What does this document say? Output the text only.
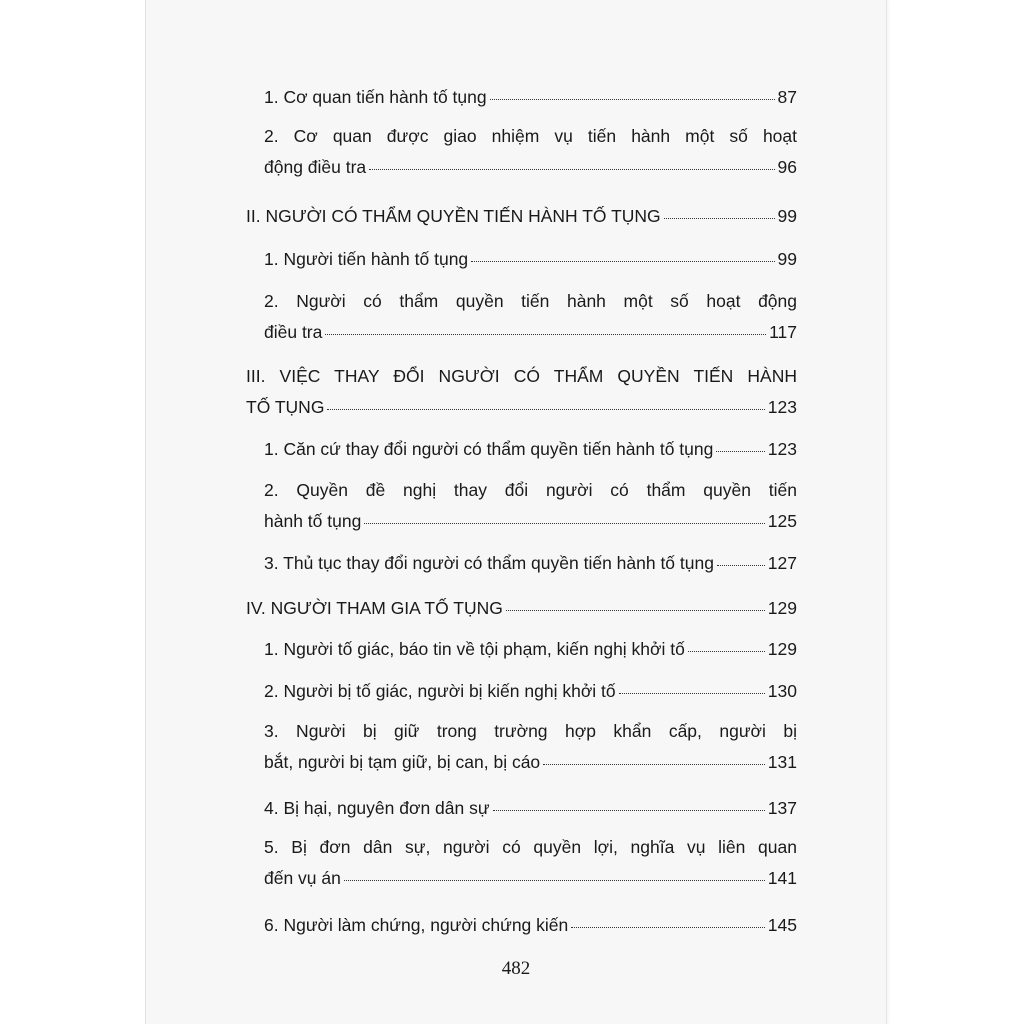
1. Cơ quan tiến hành tố tụng	87
2. Cơ quan được giao nhiệm vụ tiến hành một số hoạt
động điều tra	96
II. NGƯỜI CÓ THẨM QUYỀN TIẾN HÀNH TỐ TỤNG	99
1. Người tiến hành tố tụng	99
2. Người có thẩm quyền tiến hành một số hoạt động
điều tra	117
III. VIỆC THAY ĐỔI NGƯỜI CÓ THẨM QUYỀN TIẾN HÀNH
TỐ TỤNG	123
1. Căn cứ thay đổi người có thẩm quyền tiến hành tố tụng	123
2. Quyền đề nghị thay đổi người có thẩm quyền tiến
hành tố tụng	125
3. Thủ tục thay đổi người có thẩm quyền tiến hành tố tụng	127
IV. NGƯỜI THAM GIA TỐ TỤNG	129
1. Người tố giác, báo tin về tội phạm, kiến nghị khởi tố	129
2. Người bị tố giác, người bị kiến nghị khởi tố	130
3. Người bị giữ trong trường hợp khẩn cấp, người bị
bắt, người bị tạm giữ, bị can, bị cáo	131
4. Bị hại, nguyên đơn dân sự	137
5. Bị đơn dân sự, người có quyền lợi, nghĩa vụ liên quan
đến vụ án	141
6. Người làm chứng, người chứng kiến	145
482
